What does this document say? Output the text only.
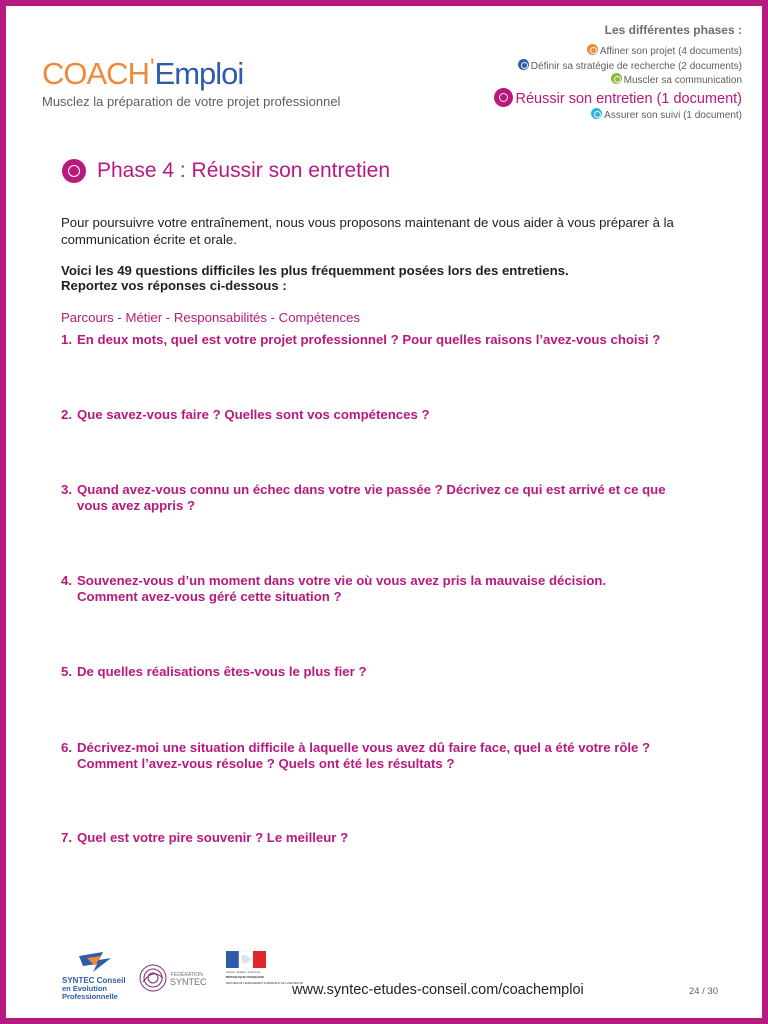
COACH'Emploi
Musclez la préparation de votre projet professionnel
Les différentes phases :
Affiner son projet (4 documents)
Définir sa stratégie de recherche (2 documents)
Muscler sa communication
Réussir son entretien (1 document)
Assurer son suivi (1 document)
Phase 4 : Réussir son entretien
Pour poursuivre votre entraînement, nous vous proposons maintenant de vous aider à vous préparer à la communication écrite et orale.
Voici les 49 questions difficiles les plus fréquemment posées lors des entretiens.
Reportez vos réponses ci-dessous :
Parcours - Métier - Responsabilités - Compétences
1. En deux mots, quel est votre projet professionnel ? Pour quelles raisons l’avez-vous choisi ?
2. Que savez-vous faire ? Quelles sont vos compétences ?
3. Quand avez-vous connu un échec dans votre vie passée ? Décrivez ce qui est arrivé et ce que
vous avez appris ?
4. Souvenez-vous d’un moment dans votre vie où vous avez pris la mauvaise décision.
Comment avez-vous géré cette situation ?
5. De quelles réalisations êtes-vous le plus fier ?
6. Décrivez-moi une situation difficile à laquelle vous avez dû faire face, quel a été votre rôle ?
Comment l’avez-vous résolue ? Quels ont été les résultats ?
7. Quel est votre pire souvenir ? Le meilleur ?
SYNTEC Conseil
en Evolution
Professionnelle
FÉDÉRATION
SYNTEC
Liberté • Égalité • Fraternité
RÉPUBLIQUE FRANÇAISE
MINISTÈRE DE L'ENSEIGNEMENT SUPÉRIEUR ET DE LA RECHERCHE
www.syntec-etudes-conseil.com/coachemploi	24 / 30
